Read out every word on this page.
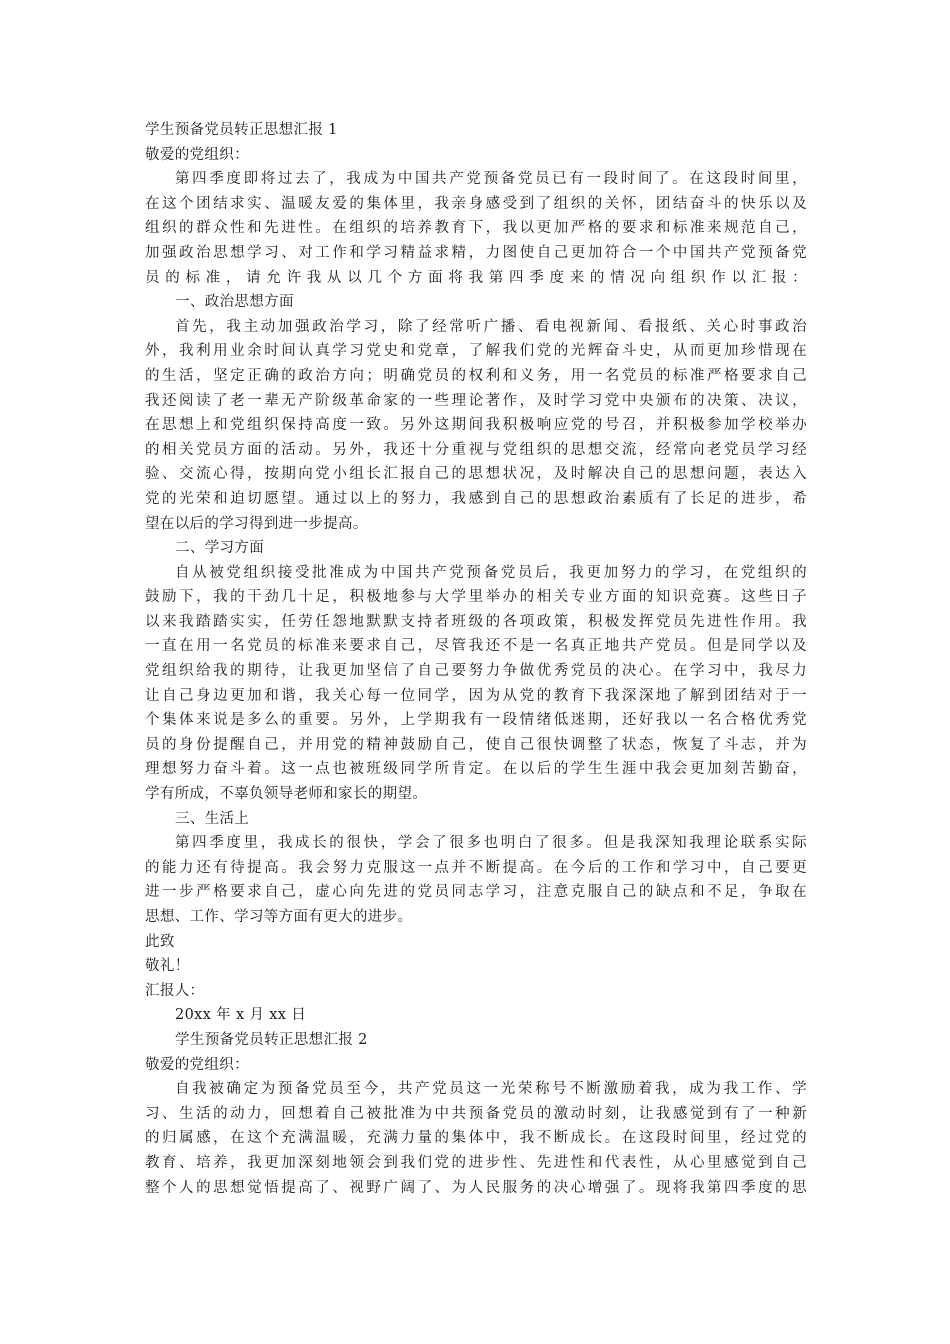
学生预备党员转正思想汇报 1
敬爱的党组织：
第四季度即将过去了，我成为中国共产党预备党员已有一段时间了。在这段时间里，
在这个团结求实、温暖友爱的集体里，我亲身感受到了组织的关怀，团结奋斗的快乐以及
组织的群众性和先进性。在组织的培养教育下，我以更加严格的要求和标准来规范自己，
加强政治思想学习、对工作和学习精益求精，力图使自己更加符合一个中国共产党预备党
员的标准，请允许我从以几个方面将我第四季度来的情况向组织作以汇报：
一、政治思想方面
首先，我主动加强政治学习，除了经常听广播、看电视新闻、看报纸、关心时事政治
外，我利用业余时间认真学习党史和党章，了解我们党的光辉奋斗史，从而更加珍惜现在
的生活，坚定正确的政治方向；明确党员的权利和义务，用一名党员的标准严格要求自己
我还阅读了老一辈无产阶级革命家的一些理论著作，及时学习党中央颁布的决策、决议，
在思想上和党组织保持高度一致。另外这期间我积极响应党的号召，并积极参加学校举办
的相关党员方面的活动。另外，我还十分重视与党组织的思想交流，经常向老党员学习经
验、交流心得，按期向党小组长汇报自己的思想状况，及时解决自己的思想问题，表达入
党的光荣和迫切愿望。通过以上的努力，我感到自己的思想政治素质有了长足的进步，希
望在以后的学习得到进一步提高。
二、学习方面
自从被党组织接受批准成为中国共产党预备党员后，我更加努力的学习，在党组织的
鼓励下，我的干劲几十足，积极地参与大学里举办的相关专业方面的知识竞赛。这些日子
以来我踏踏实实，任劳任怨地默默支持者班级的各项政策，积极发挥党员先进性作用。我
一直在用一名党员的标准来要求自己，尽管我还不是一名真正地共产党员。但是同学以及
党组织给我的期待，让我更加坚信了自己要努力争做优秀党员的决心。在学习中，我尽力
让自己身边更加和谐，我关心每一位同学，因为从党的教育下我深深地了解到团结对于一
个集体来说是多么的重要。另外，上学期我有一段情绪低迷期，还好我以一名合格优秀党
员的身份提醒自己，并用党的精神鼓励自己，使自己很快调整了状态，恢复了斗志，并为
理想努力奋斗着。这一点也被班级同学所肯定。在以后的学生生涯中我会更加刻苦勤奋，
学有所成，不辜负领导老师和家长的期望。
三、生活上
第四季度里，我成长的很快，学会了很多也明白了很多。但是我深知我理论联系实际
的能力还有待提高。我会努力克服这一点并不断提高。在今后的工作和学习中，自己要更
进一步严格要求自己，虚心向先进的党员同志学习，注意克服自己的缺点和不足，争取在
思想、工作、学习等方面有更大的进步。
此致
敬礼！
汇报人：
20xx 年 x 月 xx 日
学生预备党员转正思想汇报 2
敬爱的党组织：
自我被确定为预备党员至今，共产党员这一光荣称号不断激励着我，成为我工作、学
习、生活的动力，回想着自己被批准为中共预备党员的激动时刻，让我感觉到有了一种新
的归属感，在这个充满温暖，充满力量的集体中，我不断成长。在这段时间里，经过党的
教育、培养，我更加深刻地领会到我们党的进步性、先进性和代表性，从心里感觉到自己
整个人的思想觉悟提高了、视野广阔了、为人民服务的决心增强了。现将我第四季度的思
